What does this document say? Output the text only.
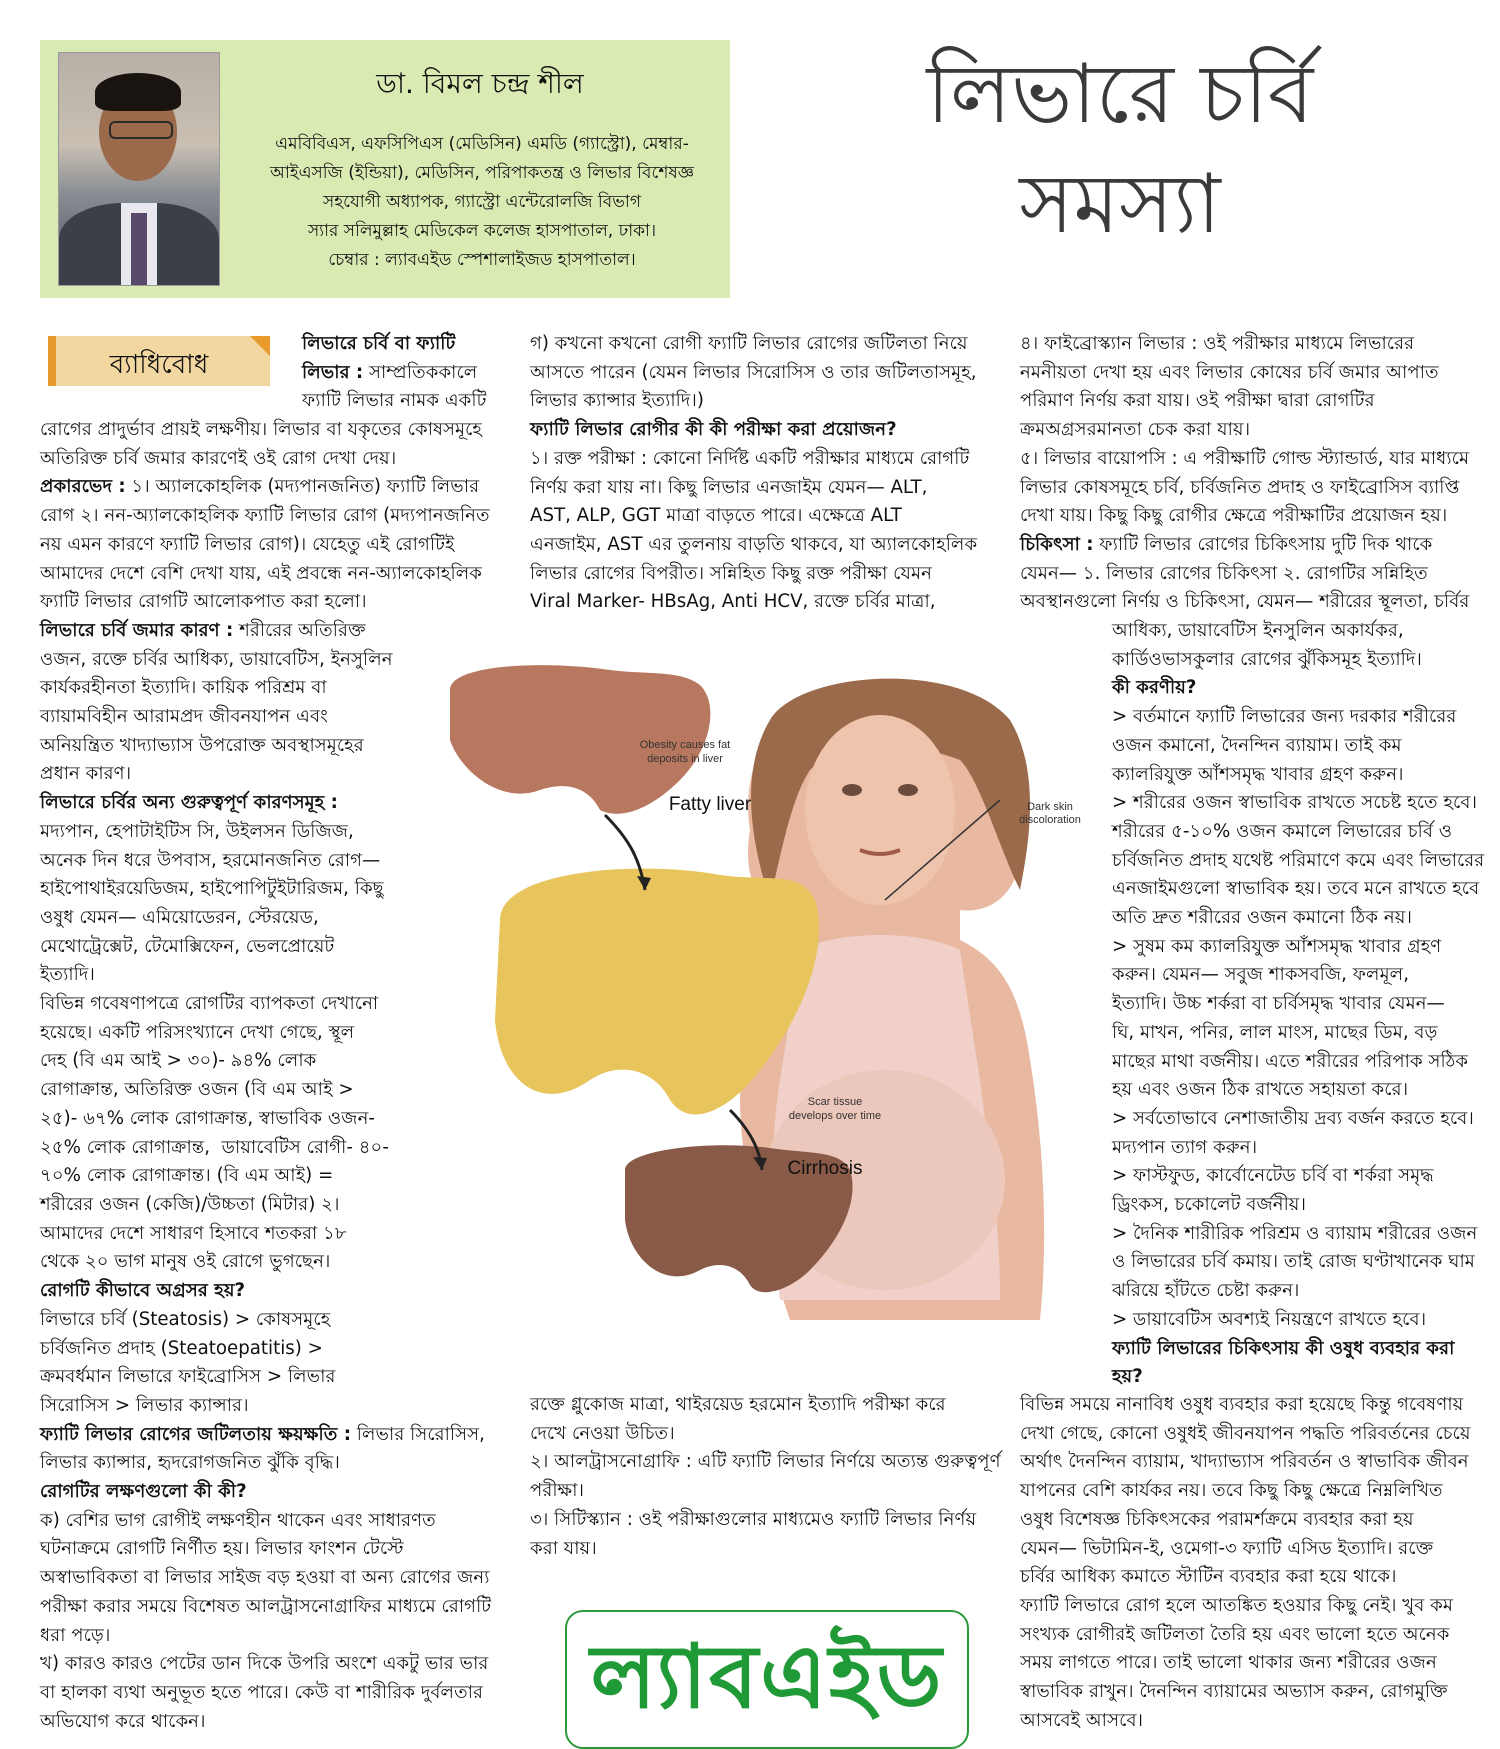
ডা. বিমল চন্দ্র শীল
এমবিবিএস, এফসিপিএস (মেডিসিন) এমডি (গ্যাস্ট্রো), মেম্বার-
আইএসজি (ইন্ডিয়া), মেডিসিন, পরিপাকতন্ত্র ও লিভার বিশেষজ্ঞ
সহযোগী অধ্যাপক, গ্যাস্ট্রো এন্টেরোলজি বিভাগ
স্যার সলিমুল্লাহ মেডিকেল কলেজ হাসপাতাল, ঢাকা।
চেম্বার : ল্যাবএইড স্পেশালাইজড হাসপাতাল।
লিভারে চর্বি
সমস্যা
ব্যাধিবোধ

লিভারে চর্বি বা ফ্যাটি

লিভার : সাম্প্রতিককালে

ফ্যাটি লিভার নামক একটি

রোগের প্রাদুর্ভাব প্রায়ই লক্ষণীয়। লিভার বা যকৃতের কোষসমূহে

অতিরিক্ত চর্বি জমার কারণেই ওই রোগ দেখা দেয়।

প্রকারভেদ : ১। অ্যালকোহলিক (মদ্যপানজনিত) ফ্যাটি লিভার

রোগ ২। নন-অ্যালকোহলিক ফ্যাটি লিভার রোগ (মদ্যপানজনিত

নয় এমন কারণে ফ্যাটি লিভার রোগ)। যেহেতু এই রোগটিই

আমাদের দেশে বেশি দেখা যায়, এই প্রবন্ধে নন-অ্যালকোহলিক

ফ্যাটি লিভার রোগটি আলোকপাত করা হলো।

লিভারে চর্বি জমার কারণ : শরীরের অতিরিক্ত

ওজন, রক্তে চর্বির আধিক্য, ডায়াবেটিস, ইনসুলিন

কার্যকরহীনতা ইত্যাদি। কায়িক পরিশ্রম বা

ব্যায়ামবিহীন আরামপ্রদ জীবনযাপন এবং

অনিয়ন্ত্রিত খাদ্যাভ্যাস উপরোক্ত অবস্থাসমূহের

প্রধান কারণ।

লিভারে চর্বির অন্য গুরুত্বপূর্ণ কারণসমূহ :

মদ্যপান, হেপাটাইটিস সি, উইলসন ডিজিজ,

অনেক দিন ধরে উপবাস, হরমোনজনিত রোগ—

হাইপোথাইরয়েডিজম, হাইপোপিটুইটারিজম, কিছু

ওষুধ যেমন— এমিয়োডেরন, স্টেরয়েড,

মেথোট্রেক্সেট, টেমোক্সিফেন, ভেলপ্রোয়েট

ইত্যাদি।

বিভিন্ন গবেষণাপত্রে রোগটির ব্যাপকতা দেখানো

হয়েছে। একটি পরিসংখ্যানে দেখা গেছে, স্থূল

দেহ (বি এম আই > ৩০)- ৯৪% লোক

রোগাক্রান্ত, অতিরিক্ত ওজন (বি এম আই >

২৫)- ৬৭% লোক রোগাক্রান্ত, স্বাভাবিক ওজন-

২৫% লোক রোগাক্রান্ত,  ডায়াবেটিস রোগী- ৪০-

৭০% লোক রোগাক্রান্ত। (বি এম আই) =

শরীরের ওজন (কেজি)/উচ্চতা (মিটার) ২।

আমাদের দেশে সাধারণ হিসাবে শতকরা ১৮

থেকে ২০ ভাগ মানুষ ওই রোগে ভুগছেন।

রোগটি কীভাবে অগ্রসর হয়?

লিভারে চর্বি (Steatosis) > কোষসমূহে

চর্বিজনিত প্রদাহ (Steatoepatitis) >

ক্রমবর্ধমান লিভারে ফাইব্রোসিস > লিভার

সিরোসিস > লিভার ক্যান্সার।

ফ্যাটি লিভার রোগের জটিলতায় ক্ষয়ক্ষতি : লিভার সিরোসিস,

লিভার ক্যান্সার, হৃদরোগজনিত ঝুঁকি বৃদ্ধি।

রোগটির লক্ষণগুলো কী কী?

ক) বেশির ভাগ রোগীই লক্ষণহীন থাকেন এবং সাধারণত

ঘটনাক্রমে রোগটি নির্ণীত হয়। লিভার ফাংশন টেস্টে

অস্বাভাবিকতা বা লিভার সাইজ বড় হওয়া বা অন্য রোগের জন্য

পরীক্ষা করার সময়ে বিশেষত আলট্রাসনোগ্রাফির মাধ্যমে রোগটি

ধরা পড়ে।

খ) কারও কারও পেটের ডান দিকে উপরি অংশে একটু ভার ভার

বা হালকা ব্যথা অনুভূত হতে পারে। কেউ বা শারীরিক দুর্বলতার

অভিযোগ করে থাকেন।

গ) কখনো কখনো রোগী ফ্যাটি লিভার রোগের জটিলতা নিয়ে

আসতে পারেন (যেমন লিভার সিরোসিস ও তার জটিলতাসমূহ,

লিভার ক্যান্সার ইত্যাদি।)

ফ্যাটি লিভার রোগীর কী কী পরীক্ষা করা প্রয়োজন?

১। রক্ত পরীক্ষা : কোনো নির্দিষ্ট একটি পরীক্ষার মাধ্যমে রোগটি

নির্ণয় করা যায় না। কিছু লিভার এনজাইম যেমন— ALT,

AST, ALP, GGT মাত্রা বাড়তে পারে। এক্ষেত্রে ALT

এনজাইম, AST এর তুলনায় বাড়তি থাকবে, যা অ্যালকোহলিক

লিভার রোগের বিপরীত। সন্নিহিত কিছু রক্ত পরীক্ষা যেমন

Viral Marker- HBsAg, Anti HCV, রক্তে চর্বির মাত্রা,

রক্তে গ্লুকোজ মাত্রা, থাইরয়েড হরমোন ইত্যাদি পরীক্ষা করে

দেখে নেওয়া উচিত।

২। আলট্রাসনোগ্রাফি : এটি ফ্যাটি লিভার নির্ণয়ে অত্যন্ত গুরুত্বপূর্ণ

পরীক্ষা।

৩। সিটিস্ক্যান : ওই পরীক্ষাগুলোর মাধ্যমেও ফ্যাটি লিভার নির্ণয়

করা যায়।

৪। ফাইব্রোস্ক্যান লিভার : ওই পরীক্ষার মাধ্যমে লিভারের

নমনীয়তা দেখা হয় এবং লিভার কোষের চর্বি জমার আপাত

পরিমাণ নির্ণয় করা যায়। ওই পরীক্ষা দ্বারা রোগটির

ক্রমঅগ্রসরমানতা চেক করা যায়।

৫। লিভার বায়োপসি : এ পরীক্ষাটি গোল্ড স্ট্যান্ডার্ড, যার মাধ্যমে

লিভার কোষসমূহে চর্বি, চর্বিজনিত প্রদাহ ও ফাইব্রোসিস ব্যাপ্তি

দেখা যায়। কিছু কিছু রোগীর ক্ষেত্রে পরীক্ষাটির প্রয়োজন হয়।

চিকিৎসা : ফ্যাটি লিভার রোগের চিকিৎসায় দুটি দিক থাকে

যেমন— ১. লিভার রোগের চিকিৎসা ২. রোগটির সন্নিহিত

অবস্থানগুলো নির্ণয় ও চিকিৎসা, যেমন— শরীরের স্থূলতা, চর্বির

আধিক্য, ডায়াবেটিস ইনসুলিন অকার্যকর,

কার্ডিওভাসকুলার রোগের ঝুঁকিসমূহ ইত্যাদি।

কী করণীয়?

> বর্তমানে ফ্যাটি লিভারের জন্য দরকার শরীরের

ওজন কমানো, দৈনন্দিন ব্যায়াম। তাই কম

ক্যালরিযুক্ত আঁশসমৃদ্ধ খাবার গ্রহণ করুন।

> শরীরের ওজন স্বাভাবিক রাখতে সচেষ্ট হতে হবে।

শরীরের ৫-১০% ওজন কমালে লিভারের চর্বি ও

চর্বিজনিত প্রদাহ যথেষ্ট পরিমাণে কমে এবং লিভারের

এনজাইমগুলো স্বাভাবিক হয়। তবে মনে রাখতে হবে

অতি দ্রুত শরীরের ওজন কমানো ঠিক নয়।

> সুষম কম ক্যালরিযুক্ত আঁশসমৃদ্ধ খাবার গ্রহণ

করুন। যেমন— সবুজ শাকসবজি, ফলমূল,

ইত্যাদি। উচ্চ শর্করা বা চর্বিসমৃদ্ধ খাবার যেমন—

ঘি, মাখন, পনির, লাল মাংস, মাছের ডিম, বড়

মাছের মাথা বর্জনীয়। এতে শরীরের পরিপাক সঠিক

হয় এবং ওজন ঠিক রাখতে সহায়তা করে।

> সর্বতোভাবে নেশাজাতীয় দ্রব্য বর্জন করতে হবে।

মদ্যপান ত্যাগ করুন।

> ফাস্টফুড, কার্বোনেটেড চর্বি বা শর্করা সমৃদ্ধ

ড্রিংকস, চকোলেট বর্জনীয়।

> দৈনিক শারীরিক পরিশ্রম ও ব্যায়াম শরীরের ওজন

ও লিভারের চর্বি কমায়। তাই রোজ ঘণ্টাখানেক ঘাম

ঝরিয়ে হাঁটতে চেষ্টা করুন।

> ডায়াবেটিস অবশ্যই নিয়ন্ত্রণে রাখতে হবে।

ফ্যাটি লিভারের চিকিৎসায় কী ওষুধ ব্যবহার করা

হয়?

বিভিন্ন সময়ে নানাবিধ ওষুধ ব্যবহার করা হয়েছে কিন্তু গবেষণায়

দেখা গেছে, কোনো ওষুধই জীবনযাপন পদ্ধতি পরিবর্তনের চেয়ে

অর্থাৎ দৈনন্দিন ব্যায়াম, খাদ্যাভ্যাস পরিবর্তন ও স্বাভাবিক জীবন

যাপনের বেশি কার্যকর নয়। তবে কিছু কিছু ক্ষেত্রে নিম্নলিখিত

ওষুধ বিশেষজ্ঞ চিকিৎসকের পরামর্শক্রমে ব্যবহার করা হয়

যেমন— ভিটামিন-ই, ওমেগা-৩ ফ্যাটি এসিড ইত্যাদি। রক্তে

চর্বির আধিক্য কমাতে স্টাটিন ব্যবহার করা হয়ে থাকে।

ফ্যাটি লিভারে রোগ হলে আতঙ্কিত হওয়ার কিছু নেই। খুব কম

সংখ্যক রোগীরই জটিলতা তৈরি হয় এবং ভালো হতে অনেক

সময় লাগতে পারে। তাই ভালো থাকার জন্য শরীরের ওজন

স্বাভাবিক রাখুন। দৈনন্দিন ব্যায়ামের অভ্যাস করুন, রোগমুক্তি

আসবেই আসবে।

Obesity causes fat
deposits in liver
Fatty liver
Scar tissue
develops over time
Cirrhosis
Dark skin
discoloration
ল্যাবএইড
